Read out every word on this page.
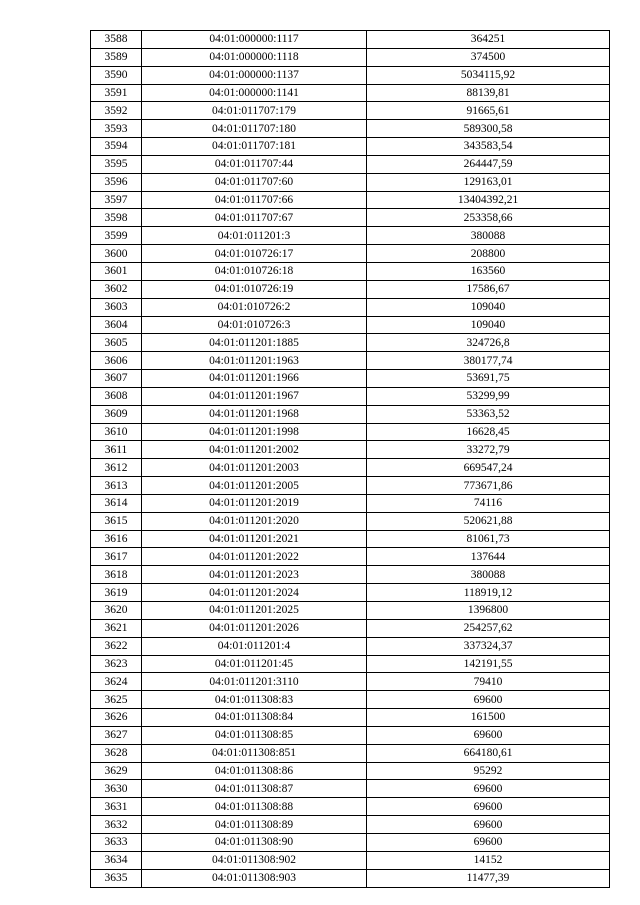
3588	04:01:000000:1117	364251
3589	04:01:000000:1118	374500
3590	04:01:000000:1137	5034115,92
3591	04:01:000000:1141	88139,81
3592	04:01:011707:179	91665,61
3593	04:01:011707:180	589300,58
3594	04:01:011707:181	343583,54
3595	04:01:011707:44	264447,59
3596	04:01:011707:60	129163,01
3597	04:01:011707:66	13404392,21
3598	04:01:011707:67	253358,66
3599	04:01:011201:3	380088
3600	04:01:010726:17	208800
3601	04:01:010726:18	163560
3602	04:01:010726:19	17586,67
3603	04:01:010726:2	109040
3604	04:01:010726:3	109040
3605	04:01:011201:1885	324726,8
3606	04:01:011201:1963	380177,74
3607	04:01:011201:1966	53691,75
3608	04:01:011201:1967	53299,99
3609	04:01:011201:1968	53363,52
3610	04:01:011201:1998	16628,45
3611	04:01:011201:2002	33272,79
3612	04:01:011201:2003	669547,24
3613	04:01:011201:2005	773671,86
3614	04:01:011201:2019	74116
3615	04:01:011201:2020	520621,88
3616	04:01:011201:2021	81061,73
3617	04:01:011201:2022	137644
3618	04:01:011201:2023	380088
3619	04:01:011201:2024	118919,12
3620	04:01:011201:2025	1396800
3621	04:01:011201:2026	254257,62
3622	04:01:011201:4	337324,37
3623	04:01:011201:45	142191,55
3624	04:01:011201:3110	79410
3625	04:01:011308:83	69600
3626	04:01:011308:84	161500
3627	04:01:011308:85	69600
3628	04:01:011308:851	664180,61
3629	04:01:011308:86	95292
3630	04:01:011308:87	69600
3631	04:01:011308:88	69600
3632	04:01:011308:89	69600
3633	04:01:011308:90	69600
3634	04:01:011308:902	14152
3635	04:01:011308:903	11477,39
